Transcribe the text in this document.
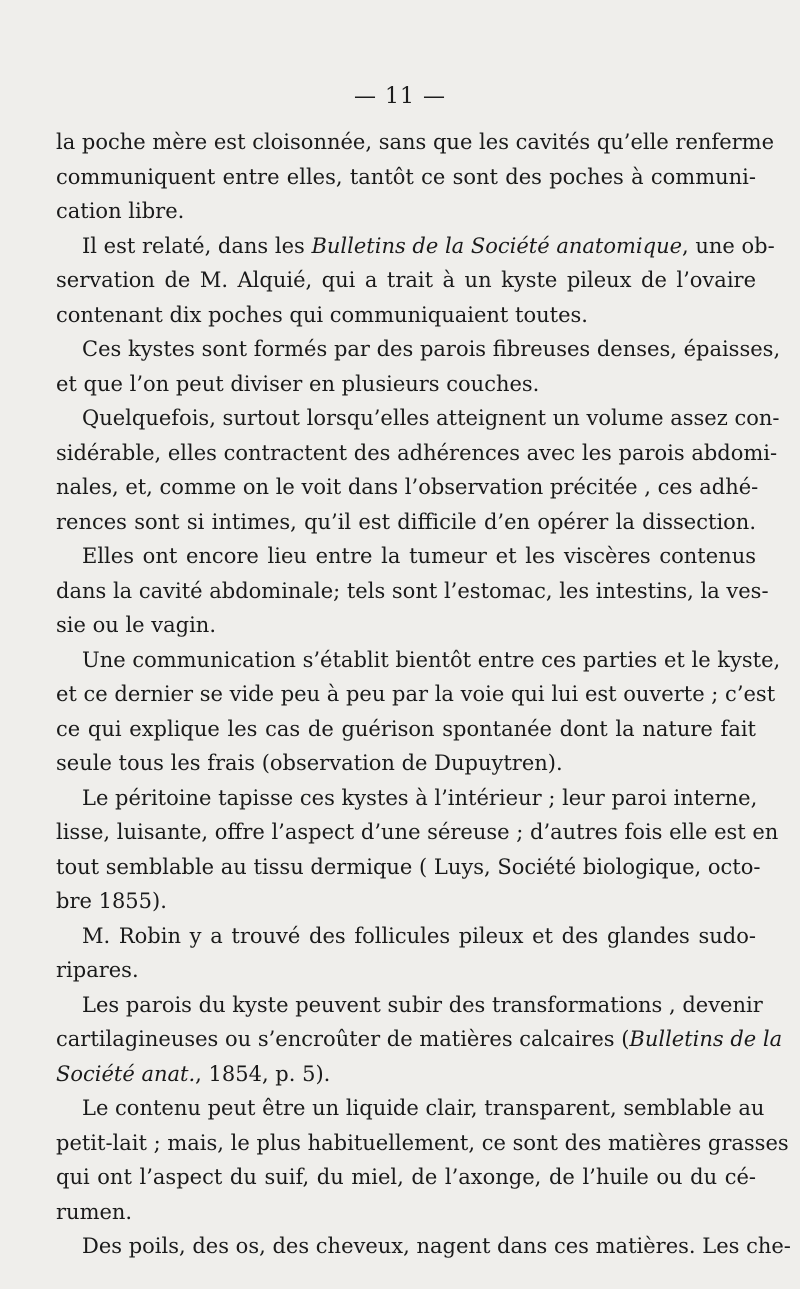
— 11 —
la poche mère est cloisonnée, sans que les cavités qu’elle renferme
communiquent entre elles, tantôt ce sont des poches à communi-
cation libre.
Il est relaté, dans les Bulletins de la Société anatomique, une ob-
servation de M. Alquié, qui a trait à un kyste pileux de l’ovaire
contenant dix poches qui communiquaient toutes.
Ces kystes sont formés par des parois fibreuses denses, épaisses,
et que l’on peut diviser en plusieurs couches.
Quelquefois, surtout lorsqu’elles atteignent un volume assez con-
sidérable, elles contractent des adhérences avec les parois abdomi-
nales, et, comme on le voit dans l’observation précitée , ces adhé-
rences sont si intimes, qu’il est difficile d’en opérer la dissection.
Elles ont encore lieu entre la tumeur et les viscères contenus
dans la cavité abdominale; tels sont l’estomac, les intestins, la ves-
sie ou le vagin.
Une communication s’établit bientôt entre ces parties et le kyste,
et ce dernier se vide peu à peu par la voie qui lui est ouverte ; c’est
ce qui explique les cas de guérison spontanée dont la nature fait
seule tous les frais (observation de Dupuytren).
Le péritoine tapisse ces kystes à l’intérieur ; leur paroi interne,
lisse, luisante, offre l’aspect d’une séreuse ; d’autres fois elle est en
tout semblable au tissu dermique ( Luys, Société biologique, octo-
bre 1855).
M. Robin y a trouvé des follicules pileux et des glandes sudo-
ripares.
Les parois du kyste peuvent subir des transformations , devenir
cartilagineuses ou s’encroûter de matières calcaires (Bulletins de la
Société anat., 1854, p. 5).
Le contenu peut être un liquide clair, transparent, semblable au
petit-lait ; mais, le plus habituellement, ce sont des matières grasses
qui ont l’aspect du suif, du miel, de l’axonge, de l’huile ou du cé-
rumen.
Des poils, des os, des cheveux, nagent dans ces matières. Les che-
